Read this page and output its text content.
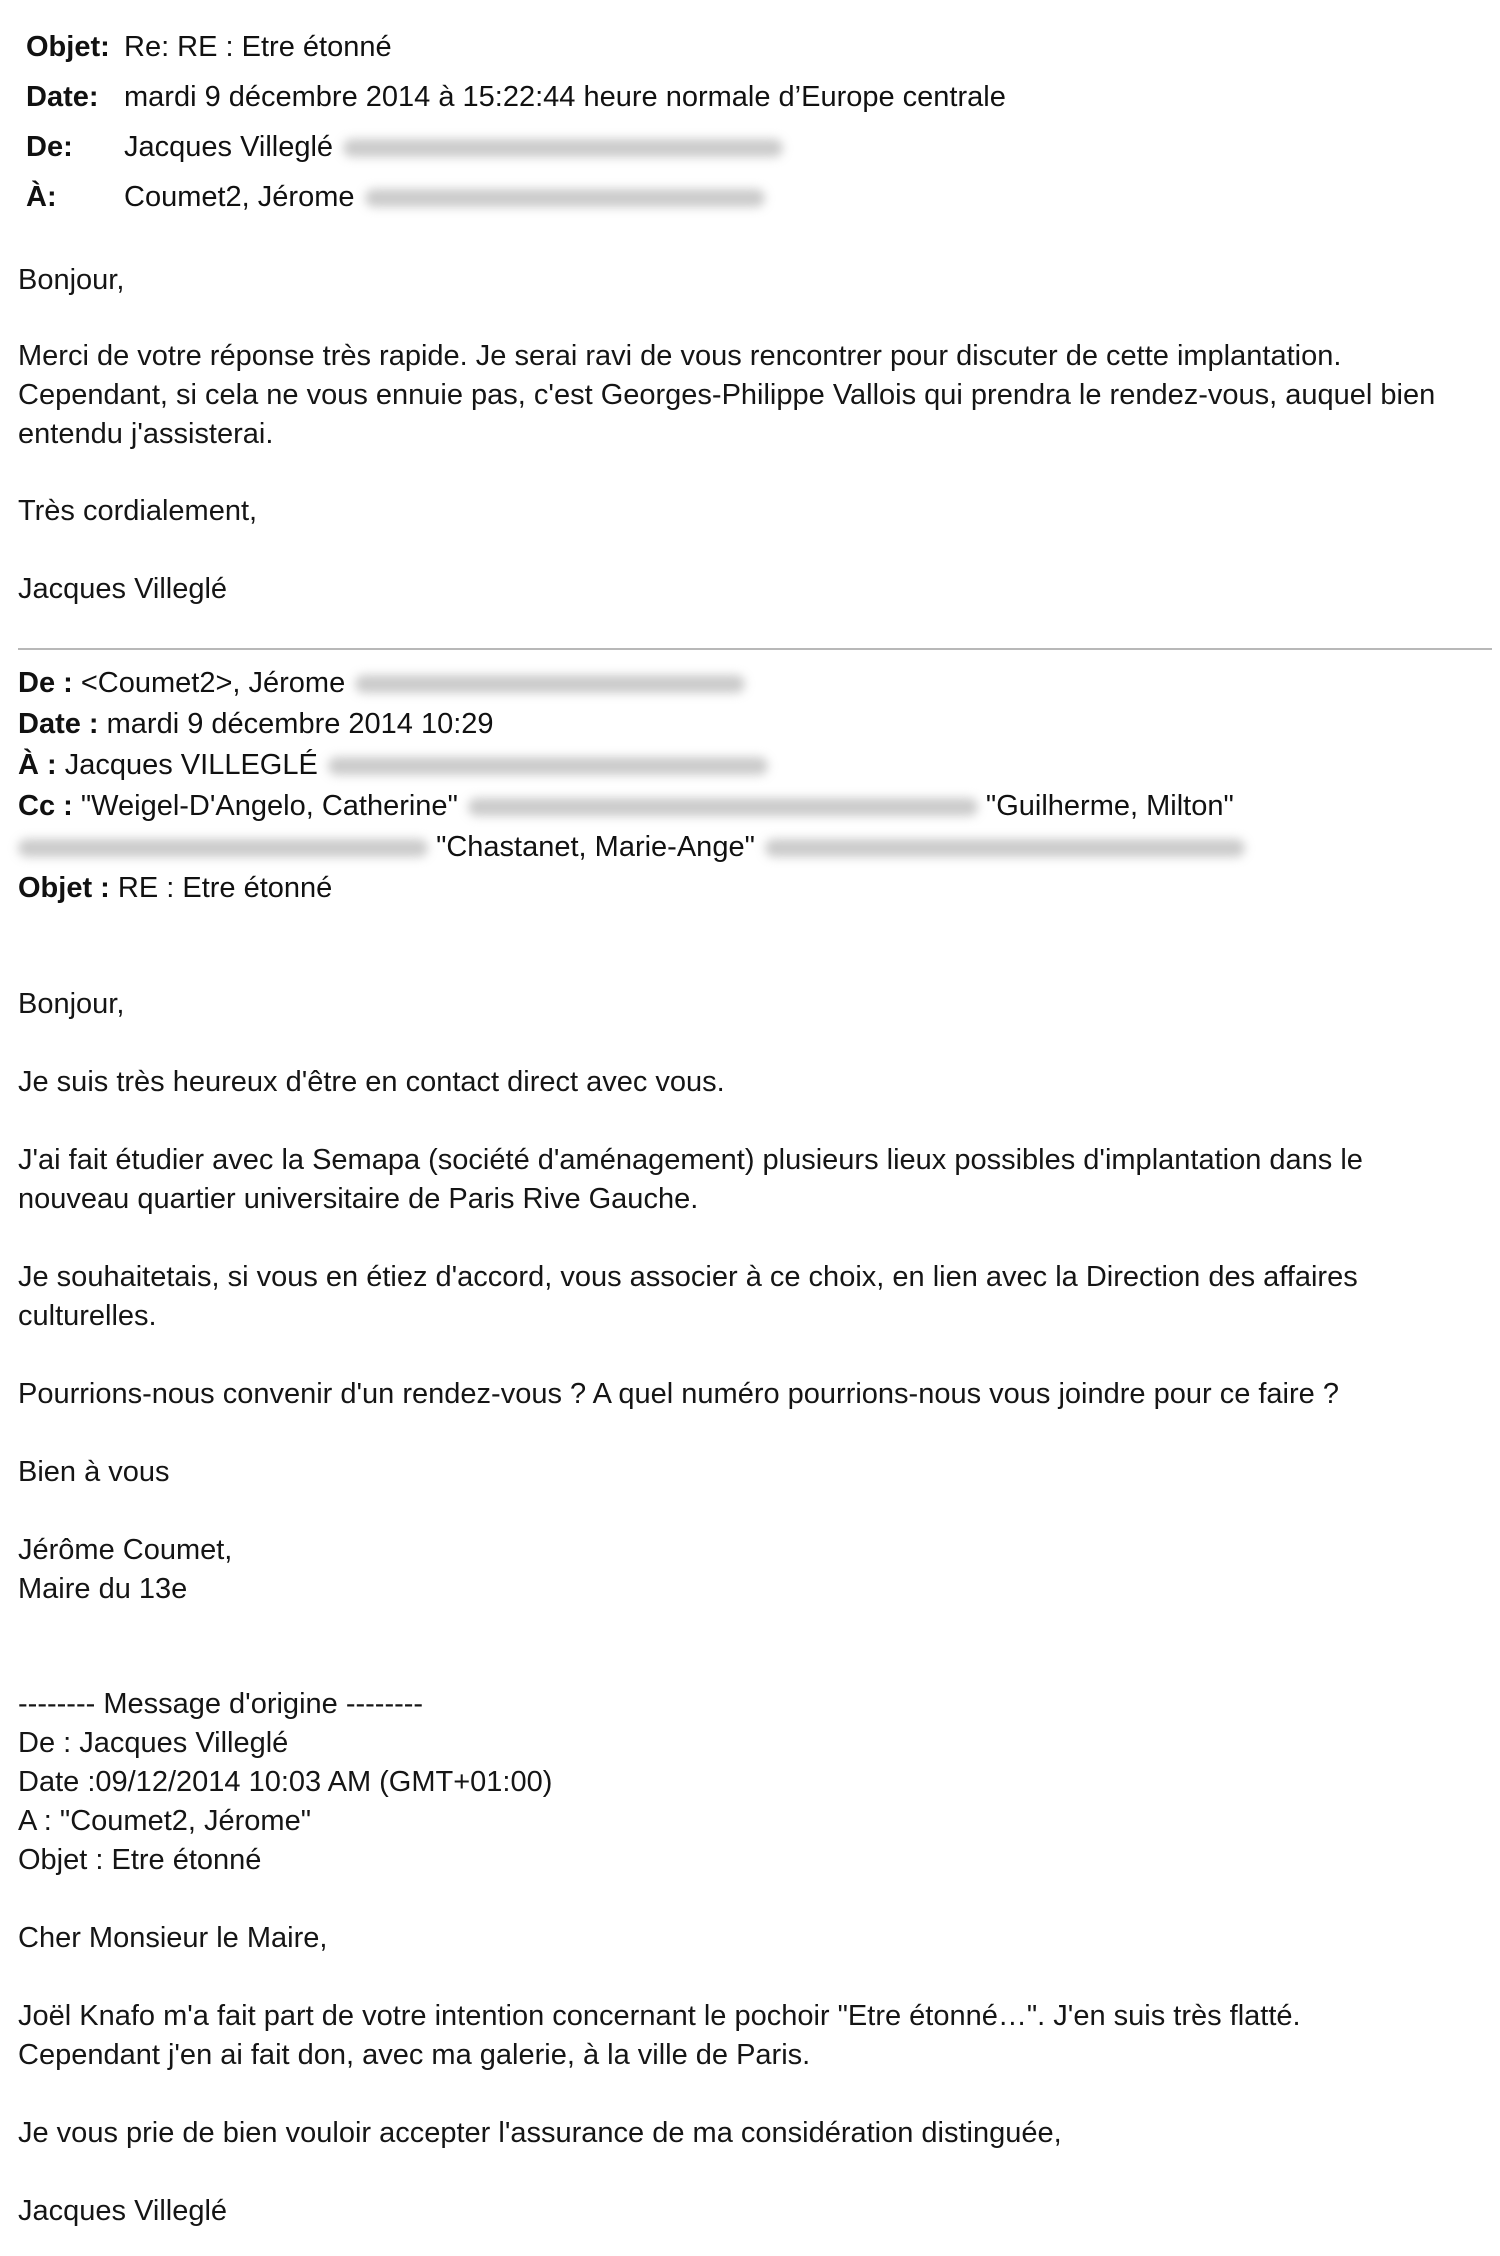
Objet: Re: RE : Etre étonné
Date: mardi 9 décembre 2014 à 15:22:44 heure normale d’Europe centrale
De: Jacques Villeglé
À: Coumet2, Jérome
Bonjour,
Merci de votre réponse très rapide. Je serai ravi de vous rencontrer pour discuter de cette implantation. Cependant, si cela ne vous ennuie pas, c'est Georges-Philippe Vallois qui prendra le rendez-vous, auquel bien entendu j'assisterai.
Très cordialement,
Jacques Villeglé
De : <Coumet2>, Jérome
Date : mardi 9 décembre 2014 10:29
À : Jacques VILLEGLÉ
Cc : "Weigel-D'Angelo, Catherine"	"Guilherme, Milton"
"Chastanet, Marie-Ange"
Objet : RE : Etre étonné
Bonjour,
Je suis très heureux d'être en contact direct avec vous.
J'ai fait étudier avec la Semapa (société d'aménagement) plusieurs lieux possibles d'implantation dans le nouveau quartier universitaire de Paris Rive Gauche.
Je souhaitetais, si vous en étiez d'accord, vous associer à ce choix, en lien avec la Direction des affaires culturelles.
Pourrions-nous convenir d'un rendez-vous ? A quel numéro pourrions-nous vous joindre pour ce faire ?
Bien à vous
Jérôme Coumet,
Maire du 13e
-------- Message d'origine --------
De : Jacques Villeglé
Date :09/12/2014 10:03 AM (GMT+01:00)
A : "Coumet2, Jérome"
Objet : Etre étonné
Cher Monsieur le Maire,
Joël Knafo m'a fait part de votre intention concernant le pochoir "Etre étonné…". J'en suis très flatté.
Cependant j'en ai fait don, avec ma galerie, à la ville de Paris.
Je vous prie de bien vouloir accepter l'assurance de ma considération distinguée,
Jacques Villeglé
